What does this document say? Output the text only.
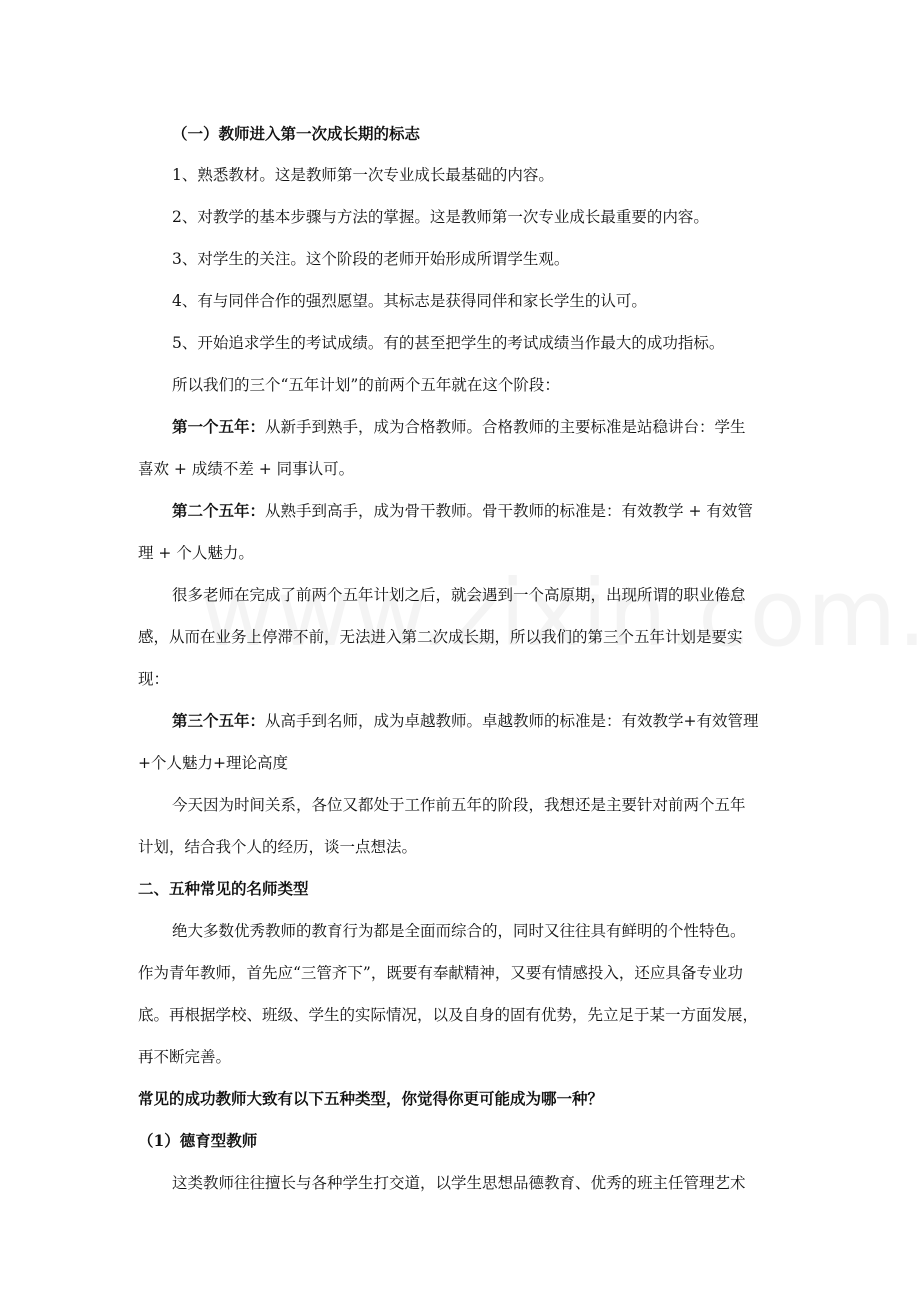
（一）教师进入第一次成长期的标志
1、熟悉教材。这是教师第一次专业成长最基础的内容。
2、对教学的基本步骤与方法的掌握。这是教师第一次专业成长最重要的内容。
3、对学生的关注。这个阶段的老师开始形成所谓学生观。
4、有与同伴合作的强烈愿望。其标志是获得同伴和家长学生的认可。
5、开始追求学生的考试成绩。有的甚至把学生的考试成绩当作最大的成功指标。
所以我们的三个“五年计划”的前两个五年就在这个阶段：
第一个五年：从新手到熟手，成为合格教师。合格教师的主要标准是站稳讲台：学生
喜欢 + 成绩不差 + 同事认可。
第二个五年：从熟手到高手，成为骨干教师。骨干教师的标准是：有效教学 + 有效管
理 + 个人魅力。
很多老师在完成了前两个五年计划之后，就会遇到一个高原期，出现所谓的职业倦怠
感，从而在业务上停滞不前，无法进入第二次成长期，所以我们的第三个五年计划是要实
现：
第三个五年：从高手到名师，成为卓越教师。卓越教师的标准是：有效教学+有效管理
+个人魅力+理论高度
今天因为时间关系，各位又都处于工作前五年的阶段，我想还是主要针对前两个五年
计划，结合我个人的经历，谈一点想法。
二、五种常见的名师类型
绝大多数优秀教师的教育行为都是全面而综合的，同时又往往具有鲜明的个性特色。
作为青年教师，首先应“三管齐下”，既要有奉献精神，又要有情感投入，还应具备专业功
底。再根据学校、班级、学生的实际情况，以及自身的固有优势，先立足于某一方面发展，
再不断完善。
常见的成功教师大致有以下五种类型，你觉得你更可能成为哪一种？
（1）德育型教师
这类教师往往擅长与各种学生打交道，以学生思想品德教育、优秀的班主任管理艺术
